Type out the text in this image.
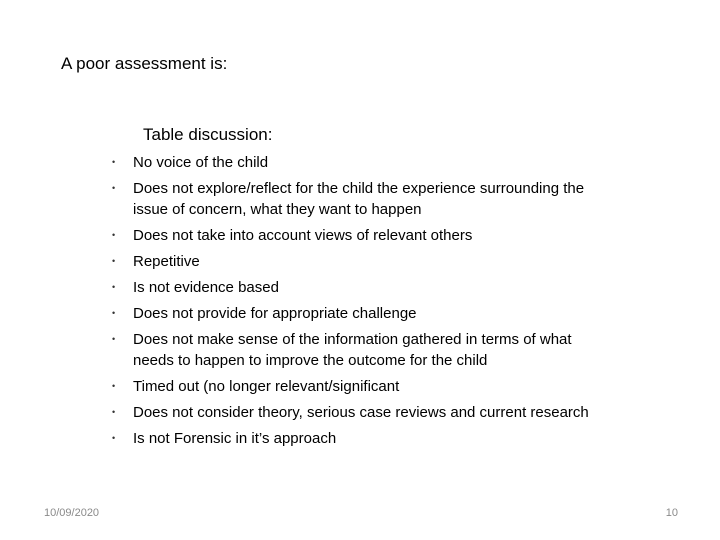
A poor assessment is:
Table discussion:
• No voice of the child
• Does not explore/reflect for the child the experience surrounding the issue of concern, what they want to happen
• Does not take into account views of relevant others
• Repetitive
• Is not evidence based
• Does not provide for appropriate challenge
• Does not make sense of the information gathered in terms of what needs to happen to improve the outcome for the child
• Timed out (no longer relevant/significant
• Does not consider theory, serious case reviews and current research
• Is not Forensic in it’s approach
10/09/2020	10
